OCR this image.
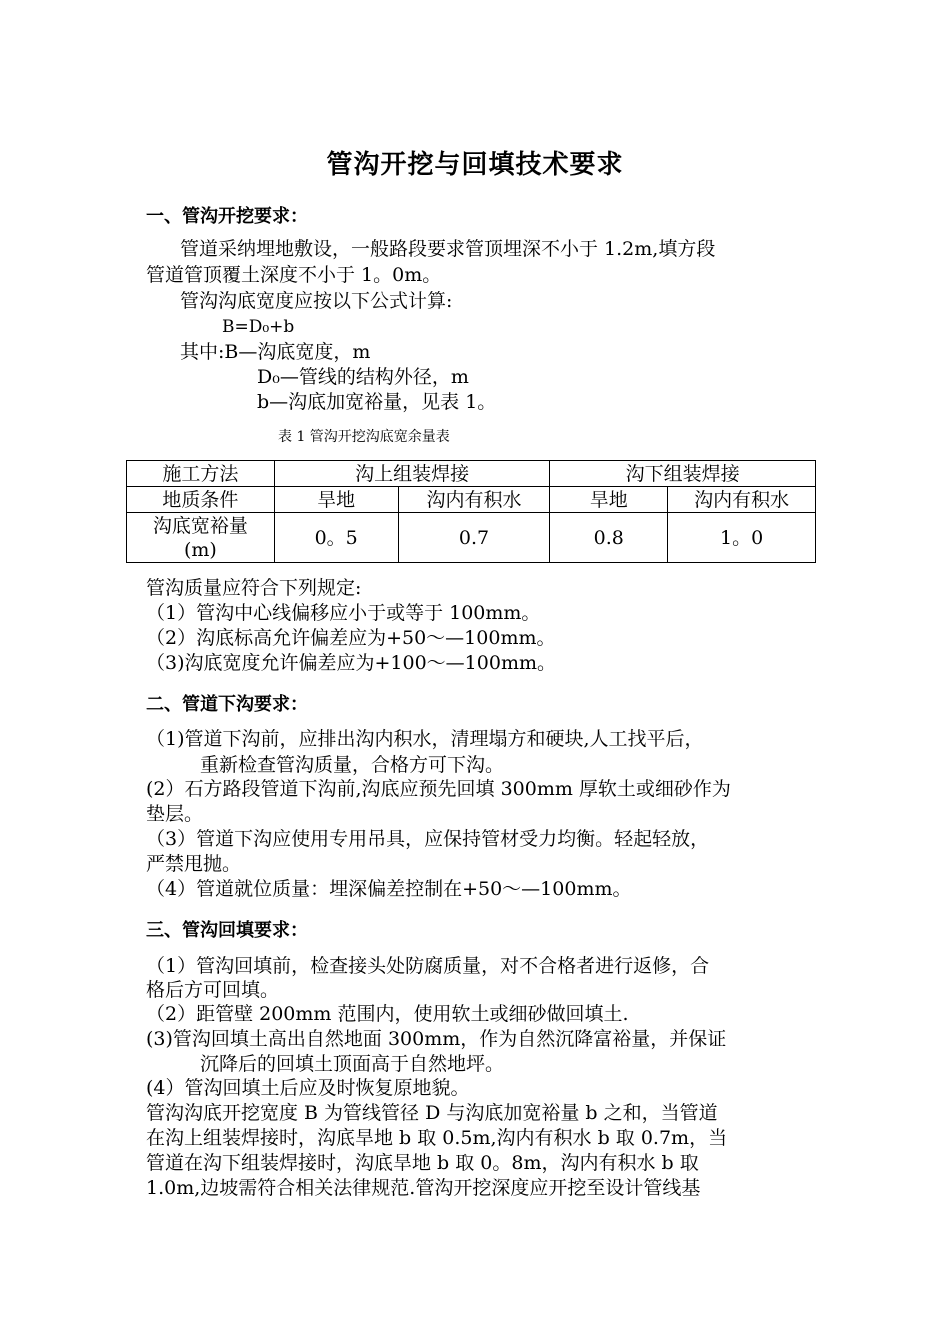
管沟开挖与回填技术要求
一、管沟开挖要求：
管道采纳埋地敷设，一般路段要求管顶埋深不小于 1.2m,填方段
管道管顶覆土深度不小于 1。0m。
管沟沟底宽度应按以下公式计算:
B=D₀+b
其中:B—沟底宽度，m
D₀—管线的结构外径，m
b—沟底加宽裕量，见表 1。
表 1 管沟开挖沟底宽余量表
施工方法	沟上组装焊接		沟下组装焊接	
地质条件	旱地	沟内有积水	旱地	沟内有积水

沟底宽裕量
(m)	0。5	0.7	0.8	1。0
管沟质量应符合下列规定:
（1）管沟中心线偏移应小于或等于 100mm。
（2）沟底标高允许偏差应为+50～—100mm。
（3)沟底宽度允许偏差应为+100～—100mm。
二、管道下沟要求：
（1)管道下沟前，应排出沟内积水，清理塌方和硬块,人工找平后，
重新检查管沟质量，合格方可下沟。
(2）石方路段管道下沟前,沟底应预先回填 300mm 厚软土或细砂作为
垫层。
（3）管道下沟应使用专用吊具，应保持管材受力均衡。轻起轻放，
严禁甩抛。
（4）管道就位质量：埋深偏差控制在+50～—100mm。
三、管沟回填要求：
（1）管沟回填前，检查接头处防腐质量，对不合格者进行返修，合
格后方可回填。
（2）距管壁 200mm 范围内，使用软土或细砂做回填土.
(3)管沟回填土高出自然地面 300mm，作为自然沉降富裕量，并保证
沉降后的回填土顶面高于自然地坪。
(4）管沟回填土后应及时恢复原地貌。
管沟沟底开挖宽度 B 为管线管径 D 与沟底加宽裕量 b 之和，当管道
在沟上组装焊接时，沟底旱地 b 取 0.5m,沟内有积水 b 取 0.7m，当
管道在沟下组装焊接时，沟底旱地 b 取 0。8m，沟内有积水 b 取
1.0m,边坡需符合相关法律规范.管沟开挖深度应开挖至设计管线基
